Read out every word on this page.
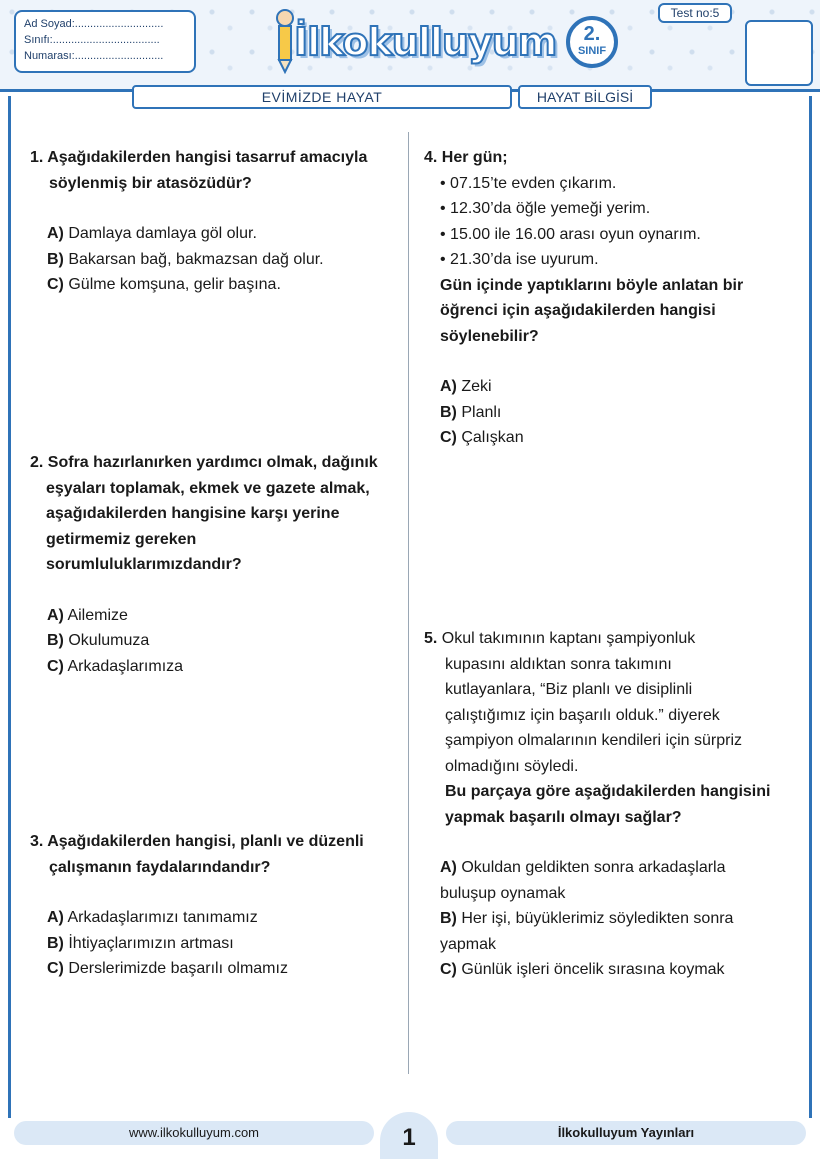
Ad Soyad:.............................
Sınıfı:...................................
Numarası:.............................	İlkokulluyum	2.
SINIF
Test no:5
EVİMİZDE HAYAT	HAYAT BİLGİSİ
1. Aşağıdakilerden hangisi tasarruf amacıyla
söylenmiş bir atasözüdür?
A) Damlaya damlaya göl olur.
B) Bakarsan bağ, bakmazsan dağ olur.
C) Gülme komşuna, gelir başına.
2. Sofra hazırlanırken yardımcı olmak, dağınık
eşyaları toplamak, ekmek ve gazete almak,
aşağıdakilerden hangisine karşı yerine
getirmemiz gereken
sorumluluklarımızdandır?
A) Ailemize
B) Okulumuza
C) Arkadaşlarımıza
3. Aşağıdakilerden hangisi, planlı ve düzenli
çalışmanın faydalarındandır?
A) Arkadaşlarımızı tanımamız
B) İhtiyaçlarımızın artması
C) Derslerimizde başarılı olmamız
4. Her gün;
• 07.15’te evden çıkarım.
• 12.30’da öğle yemeği yerim.
• 15.00 ile 16.00 arası oyun oynarım.
• 21.30’da ise uyurum.
Gün içinde yaptıklarını böyle anlatan bir
öğrenci için aşağıdakilerden hangisi
söylenebilir?
A) Zeki
B) Planlı
C) Çalışkan
5. Okul takımının kaptanı şampiyonluk
kupasını aldıktan sonra takımını
kutlayanlara, “Biz planlı ve disiplinli
çalıştığımız için başarılı olduk.” diyerek
şampiyon olmalarının kendileri için sürpriz
olmadığını söyledi.
Bu parçaya göre aşağıdakilerden hangisini
yapmak başarılı olmayı sağlar?
A) Okuldan geldikten sonra arkadaşlarla
buluşup oynamak
B) Her işi, büyüklerimiz söyledikten sonra
yapmak
C) Günlük işleri öncelik sırasına koymak
www.ilkokulluyum.com	1	İlkokulluyum Yayınları
